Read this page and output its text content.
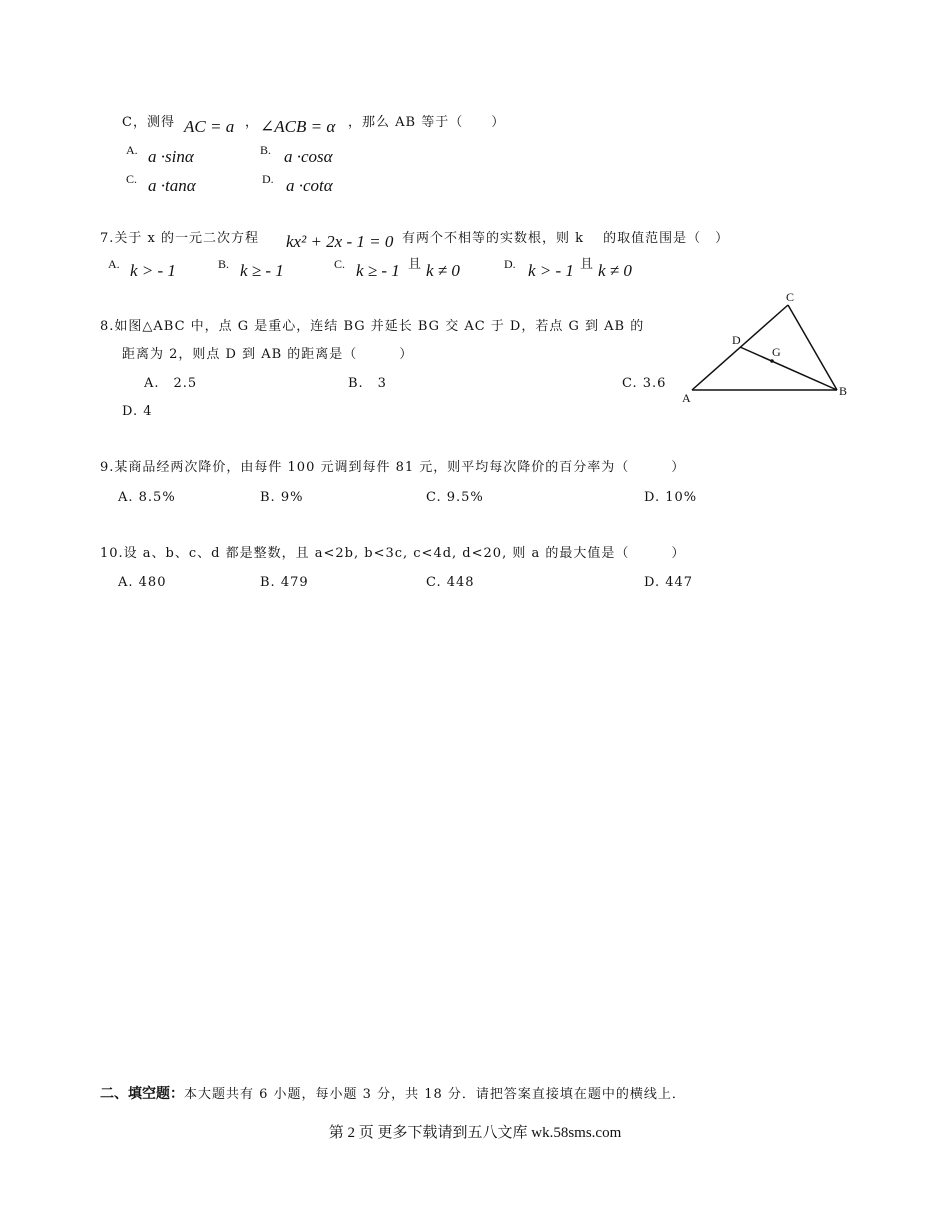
C，测得 AC = a ， ∠ACB = α ，那么 AB 等于（　　）
A. a ·sinα	B. a ·cosα
C. a ·tanα	D. a ·cotα
7.关于 x 的一元二次方程 kx² + 2x - 1 = 0 有两个不相等的实数根，则 k　 的取值范围是（　）
A. k > - 1	B. k ≥ - 1	C. k ≥ - 1 且 k ≠ 0	D. k > - 1 且 k ≠ 0
8.如图△ABC 中，点 G 是重心，连结 BG 并延长 BG 交 AC 于 D，若点 G 到 AB 的
距离为 2，则点 D 到 AB 的距离是（　　　）
A.　2.5	B.　3	C. 3.6
D. 4
A	B
C
D
G
9.某商品经两次降价，由每件 100 元调到每件 81 元，则平均每次降价的百分率为（　　　）
A. 8.5%	B. 9%	C. 9.5%	D. 10%
10.设 a、b、c、d 都是整数，且 a<2b, b<3c, c<4d, d<20, 则 a 的最大值是（　　　）
A. 480	B. 479	C. 448	D. 447
二、填空题：本大题共有 6 小题，每小题 3 分，共 18 分．请把答案直接填在题中的横线上．
第 2 页 更多下载请到五八文库 wk.58sms.com
